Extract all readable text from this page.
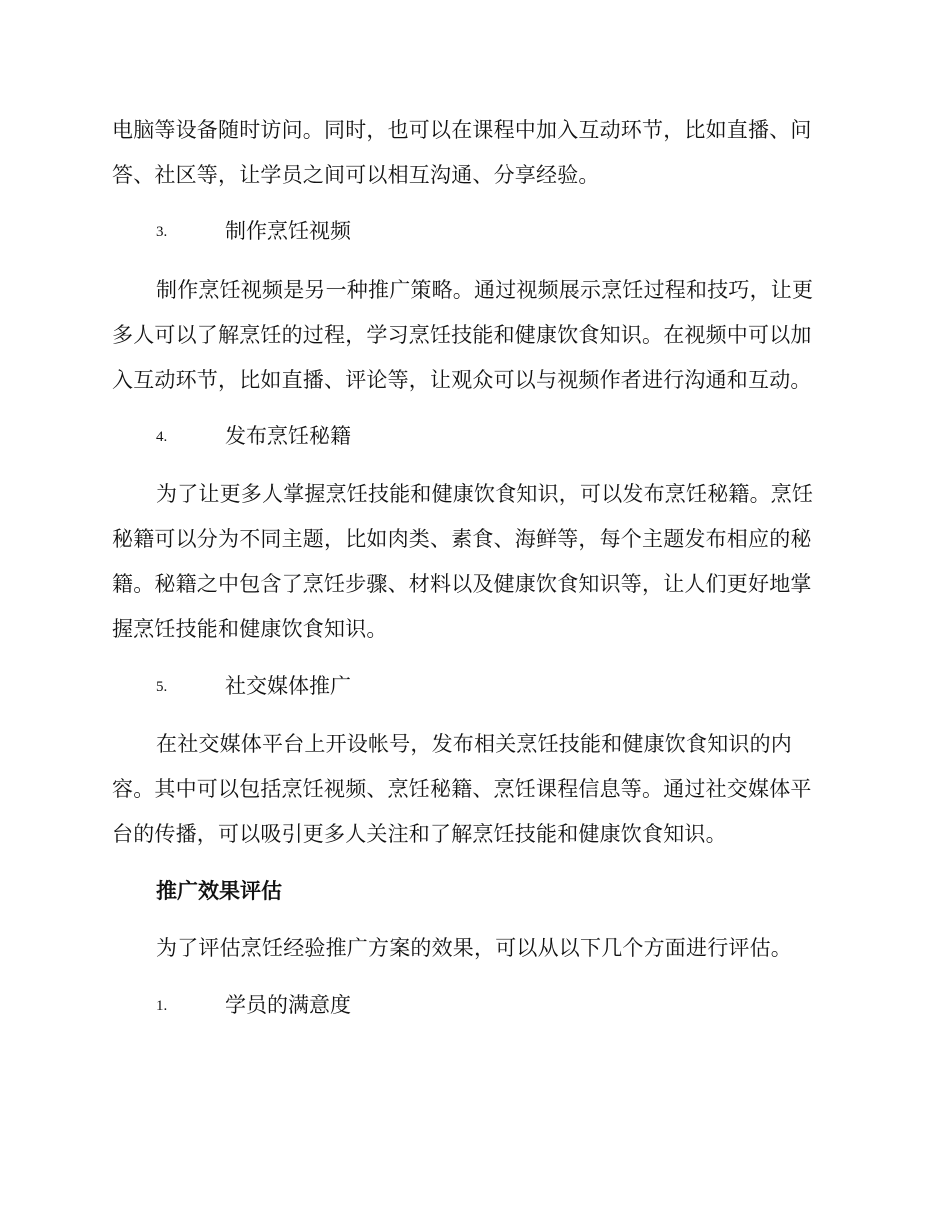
电脑等设备随时访问。同时，也可以在课程中加入互动环节，比如直播、问
答、社区等，让学员之间可以相互沟通、分享经验。
3.	制作烹饪视频
制作烹饪视频是另一种推广策略。通过视频展示烹饪过程和技巧，让更
多人可以了解烹饪的过程，学习烹饪技能和健康饮食知识。在视频中可以加
入互动环节，比如直播、评论等，让观众可以与视频作者进行沟通和互动。
4.	发布烹饪秘籍
为了让更多人掌握烹饪技能和健康饮食知识，可以发布烹饪秘籍。烹饪
秘籍可以分为不同主题，比如肉类、素食、海鲜等，每个主题发布相应的秘
籍。秘籍之中包含了烹饪步骤、材料以及健康饮食知识等，让人们更好地掌
握烹饪技能和健康饮食知识。
5.	社交媒体推广
在社交媒体平台上开设帐号，发布相关烹饪技能和健康饮食知识的内
容。其中可以包括烹饪视频、烹饪秘籍、烹饪课程信息等。通过社交媒体平
台的传播，可以吸引更多人关注和了解烹饪技能和健康饮食知识。
推广效果评估
为了评估烹饪经验推广方案的效果，可以从以下几个方面进行评估。
1.	学员的满意度
